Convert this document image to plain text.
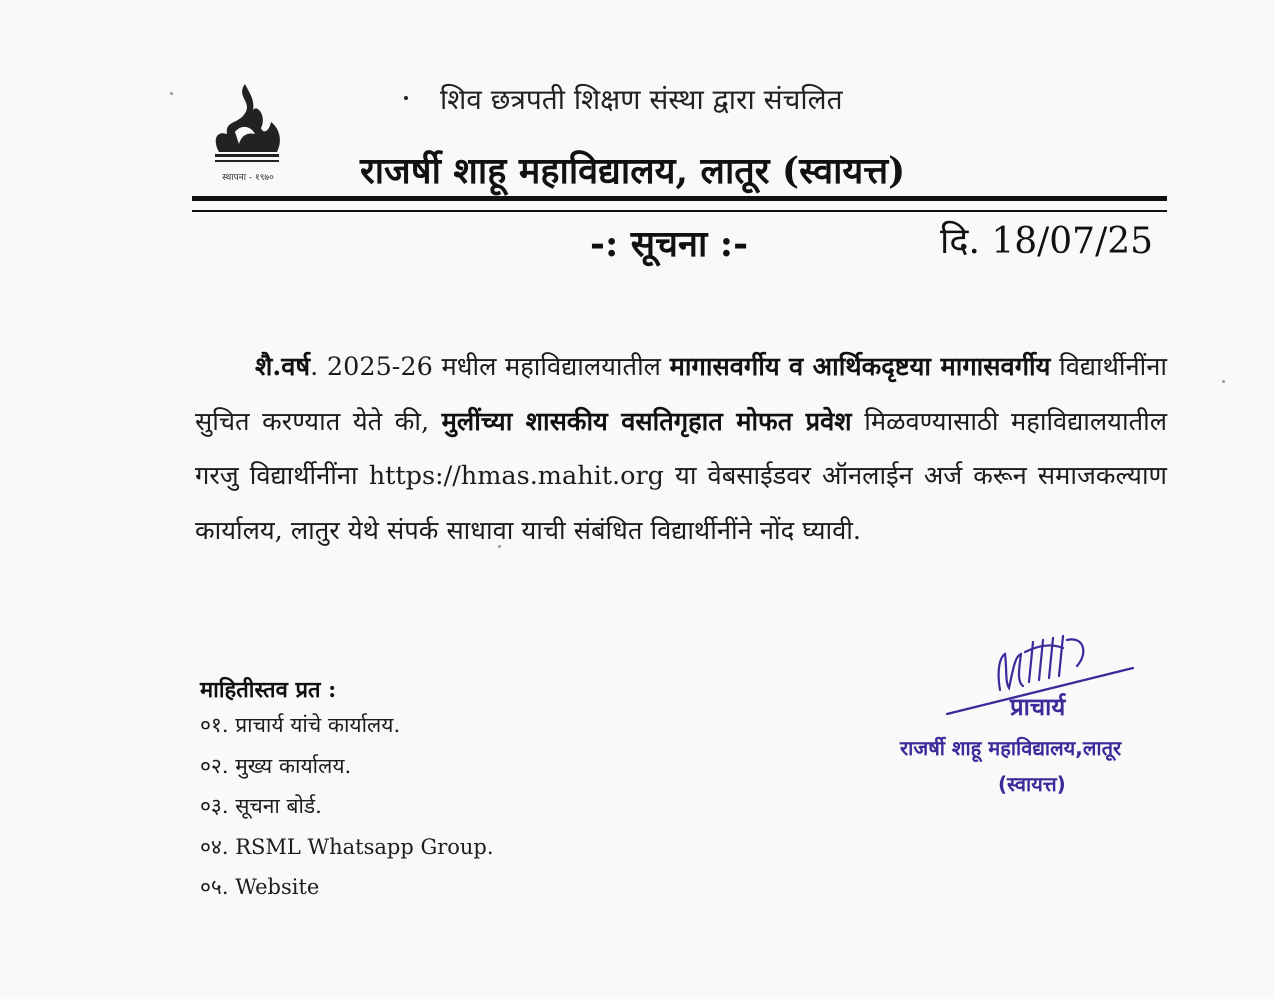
स्थापना - १९७०
शिव छत्रपती शिक्षण संस्था द्वारा संचलित
राजर्षी शाहू महाविद्यालय, लातूर (स्वायत्त)
-: सूचना :-	दि. 18/07/25
शै.वर्ष. 2025-26 मधील महाविद्यालयातील मागासवर्गीय व आर्थिकदृष्टया मागासवर्गीय विद्यार्थीनींना सुचित करण्यात येते की, मुलींच्या शासकीय वसतिगृहात मोफत प्रवेश मिळवण्यासाठी महाविद्यालयातील गरजु विद्यार्थीनींना https://hmas.mahit.org या वेबसाईडवर ऑनलाईन अर्ज करून समाजकल्याण कार्यालय, लातुर येथे संपर्क साधावा याची संबंधित विद्यार्थीनींने नोंद घ्यावी.
माहितीस्तव प्रत :
०१. प्राचार्य यांचे कार्यालय.
०२. मुख्य कार्यालय.
०३. सूचना बोर्ड.
०४. RSML Whatsapp Group.
०५. Website
प्राचार्य
राजर्षी शाहू महाविद्यालय,लातूर
(स्वायत्त)
